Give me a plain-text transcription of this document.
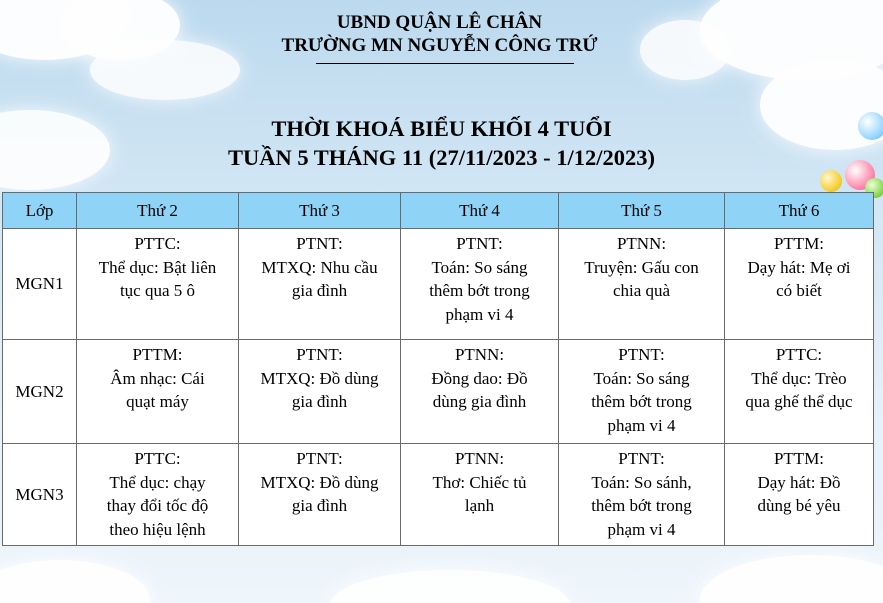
UBND QUẬN LÊ CHÂN
TRƯỜNG MN NGUYỄN CÔNG TRỨ
THỜI KHOÁ BIỂU KHỐI 4 TUỔI
TUẦN 5 THÁNG 11 (27/11/2023 - 1/12/2023)
Lớp	Thứ 2	Thứ 3	Thứ 4	Thứ 5	Thứ 6
MGN1	PTTC:
Thể dục: Bật liên
tục qua 5 ô	PTNT:
MTXQ: Nhu cầu
gia đình	PTNT:
Toán: So sáng
thêm bớt trong
phạm vi 4	PTNN:
Truyện: Gấu con
chia quà	PTTM:
Dạy hát: Mẹ ơi
có biết

MGN2	PTTM:
Âm nhạc: Cái
quạt máy	PTNT:
MTXQ: Đồ dùng
gia đình	PTNN:
Đồng dao: Đồ
dùng gia đình	PTNT:
Toán: So sáng
thêm bớt trong
phạm vi 4	PTTC:
Thể dục: Trèo
qua ghế thể dục

MGN3	PTTC:
Thể dục: chạy
thay đổi tốc độ
theo hiệu lệnh	PTNT:
MTXQ: Đồ dùng
gia đình	PTNN:
Thơ: Chiếc tủ
lạnh	PTNT:
Toán: So sánh,
thêm bớt trong
phạm vi 4	PTTM:
Dạy hát: Đồ
dùng bé yêu
